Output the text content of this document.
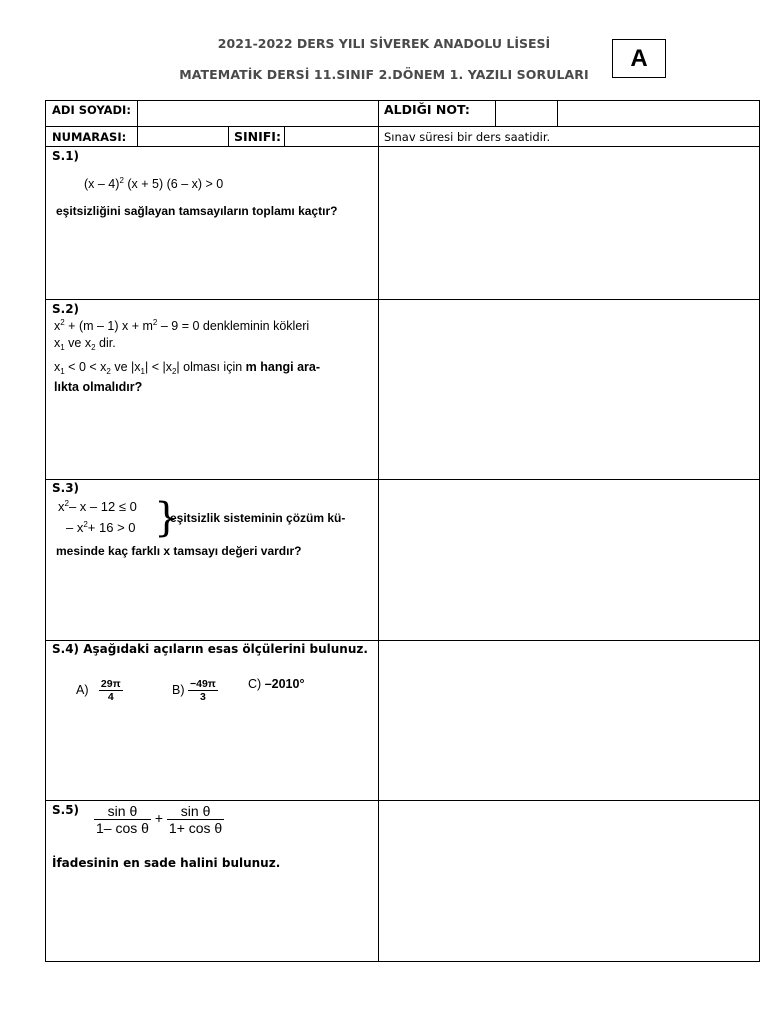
2021-2022 DERS YILI SİVEREK ANADOLU LİSESİ
MATEMATİK DERSİ 11.SINIF 2.DÖNEM 1. YAZILI SORULARI
A
ADI SOYADI:	ALDIĞI NOT:
NUMARASI:	SINIFI:	Sınav süresi bir ders saatidir.
S.1)
(x – 4)$^2$ (x + 5) (6 – x) > 0
eşitsizliğini sağlayan tamsayıların toplamı kaçtır?
S.2)
$x^2 + (m - 1) x + m^2 - 9 = 0$ denkleminin kökleri
$x_1$ ve $x_2$ dir.
$x_1 < 0 < x_2$ ve $|x_1| < |x_2|$ olması için m hangi ara-
lıkta olmalıdır?
S.3)
$x^2-$ x – 12 ≤ 0
– $x^2+ 16 > 0$ }
eşitsizlik sisteminin çözüm kü-
mesinde kaç farklı x tamsayı değeri vardır?
S.4) Aşağıdaki açıların esas ölçülerini bulunuz.
$A) \frac{29\pi}{4}$	$B) \frac{-49\pi}{3} C$) –2010°
$S.5) \frac{\text{sin θ}}{\text{1– cos θ}} + \frac{\text{sin θ}}{\text{1+ cos θ}}$
İfadesinin en sade halini bulunuz.
